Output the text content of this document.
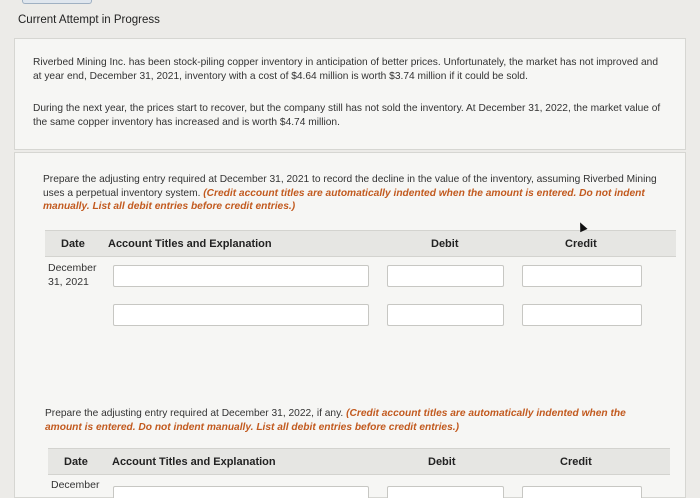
Current Attempt in Progress

Riverbed Mining Inc. has been stock-piling copper inventory in anticipation of better prices. Unfortunately, the market has not improved and at year end, December 31, 2021, inventory with a cost of $4.64 million is worth $3.74 million if it could be sold.

During the next year, the prices start to recover, but the company still has not sold the inventory. At December 31, 2022, the market value of the same copper inventory has increased and is worth $4.74 million.

Prepare the adjusting entry required at December 31, 2021 to record the decline in the value of the inventory, assuming Riverbed Mining uses a perpetual inventory system. (Credit account titles are automatically indented when the amount is entered. Do not indent manually. List all debit entries before credit entries.)

Date Account Titles and Explanation	Debit	Credit
December
31, 2021

Prepare the adjusting entry required at December 31, 2022, if any. (Credit account titles are automatically indented when the amount is entered. Do not indent manually. List all debit entries before credit entries.)

Date Account Titles and Explanation	Debit	Credit
December
